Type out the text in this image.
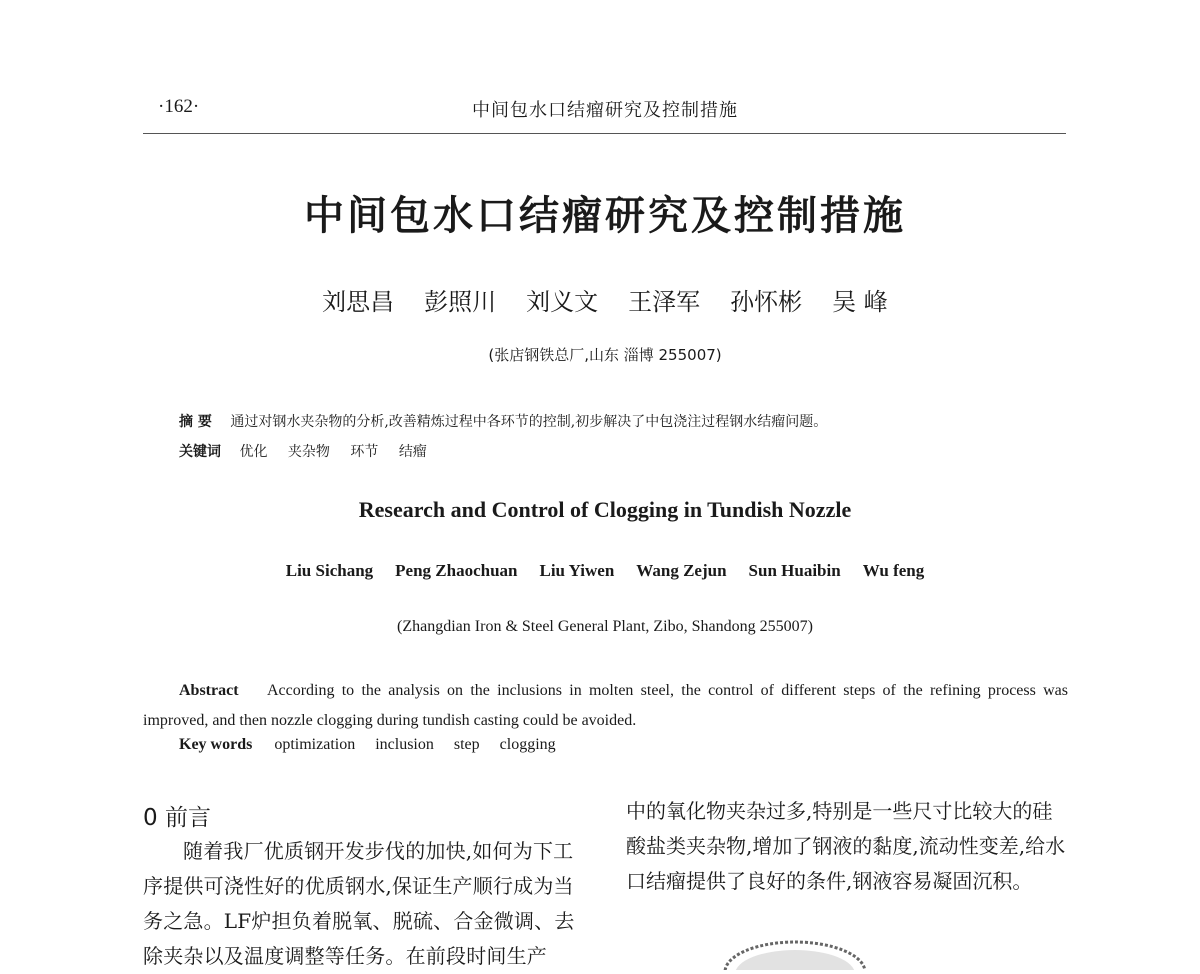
·162·	中间包水口结瘤研究及控制措施
中间包水口结瘤研究及控制措施
刘思昌 彭照川 刘义文 王泽军 孙怀彬 吴 峰
(张店钢铁总厂,山东 淄博 255007)
摘 要 通过对钢水夹杂物的分析,改善精炼过程中各环节的控制,初步解决了中包浇注过程钢水结瘤问题。
关键词 优化 夹杂物 环节 结瘤
Research and Control of Clogging in Tundish Nozzle
Liu Sichang Peng Zhaochuan Liu Yiwen Wang Zejun Sun Huaibin Wu feng
(Zhangdian Iron & Steel General Plant, Zibo, Shandong 255007)
Abstract According to the analysis on the inclusions in molten steel, the control of different steps of the refining process was improved, and then nozzle clogging during tundish casting could be avoided.
Key words optimization inclusion step clogging
0 前言
随着我厂优质钢开发步伐的加快,如何为下工序提供可浇性好的优质钢水,保证生产顺行成为当务之急。LF炉担负着脱氧、脱硫、合金微调、去除夹杂以及温度调整等任务。在前段时间生产
中的氧化物夹杂过多,特别是一些尺寸比较大的硅酸盐类夹杂物,增加了钢液的黏度,流动性变差,给水口结瘤提供了良好的条件,钢液容易凝固沉积。
